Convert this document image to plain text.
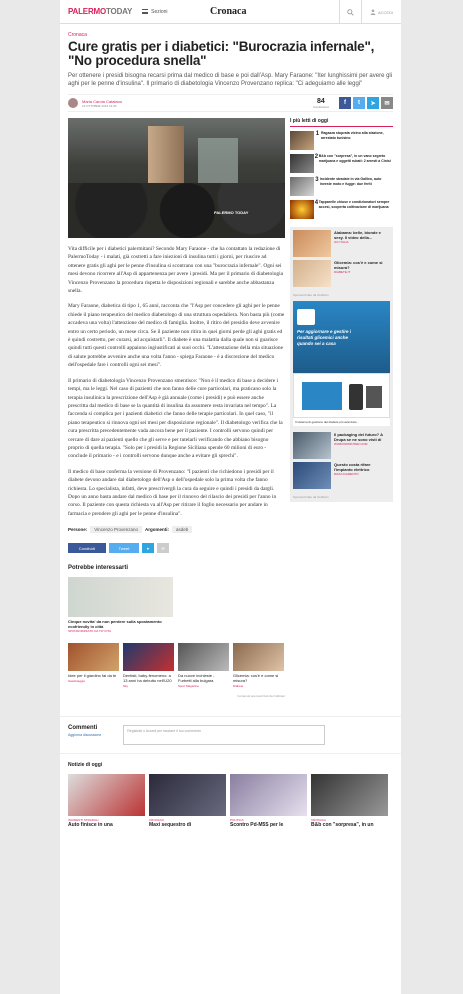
PALERMOTODAY	Sezioni	Cronaca	ACCEDI
Cronaca
Cure gratis per i diabetici: "Burocrazia infernale", "No procedura snella"
Per ottenere i presidi bisogna recarsi prima dal medico di base e poi dall'Asp. Mary Faraone: "Iter lunghissimi per avere gli aghi per le penne d'insulina". Il primario di diabetologia Vincenzo Provenzano replica: "Ci adeguiamo alle leggi"
Maria Carola Catalano
19 OTTOBRE 2016 16:30
84
Condivisioni
f t ➤ ✉
PALERMO TODAY

Vita difficile per i diabetici palermitani? Secondo Mary Faraone - che ha contattato la redazione di PalermoToday - i malati, già costretti a fare iniezioni di insulina tutti i giorni, per riuscire ad ottenere gratis gli aghi per le penne d'insulina si scontrano con una "burocrazia infernale". Ogni sei mesi devono ricorrere all'Asp di appartenenza per avere i presidi. Ma per il primario di diabetologia Vincenzo Provenzano la procedura rispetta le disposizioni regionali e sarebbe anche abbastanza snella.

Mary Faraone, diabetica di tipo 1, 65 anni, racconta che "l'Asp per concedere gli aghi per le penne chiede il piano terapeutico del medico diabetologo di una struttura ospedaliera. Non basta più (come accadeva una volta) l'attenzione del medico di famiglia. Inoltre, il ritiro del presidio deve avvenire entro un certo periodo, un mese circa. Se il paziente non ritira in quei giorni perde gli aghi gratis ed è quindi costretto, per curarsi, ad acquistarli". Il diabete è una malattia dalla quale non si guarisce quindi tutti questi controlli appaiono ingiustificati ai suoi occhi. "L'attestazione della mia situazione di salute potrebbe avvenire anche una volta l'anno - spiega Faraone - è a discrezione del medico dell'ospedale fare i controlli ogni sei mesi".

Il primario di diabetologia Vincenzo Provenzano smentisce: "Non è il medico di base a decidere i tempi, ma le leggi. Nel caso di pazienti che non fanno delle cure particolari, ma praticano solo la terapia insulinica la prescrizione dell'Asp è già annuale (come i presidi) e può essere anche prescritta dal medico di base se la quantità di insulina da assumere resta invariata nel tempo". La faccenda si complica per i pazienti diabetici che fanno delle terapie particolari. In quel caso, "il piano terapeutico si rinnova ogni sei mesi per disposizione regionale". Il diabetologo verifica che la cura prescritta precedentemente vada ancora bene per il paziente. I controlli servono quindi per cercare di dare ai pazienti quello che gli serve e per tutelarli verificando che abbiano bisogno proprio di quella terapia. "Solo per i presidi la Regione Siciliana spende 60 milioni di euro - conclude il primario - e i controlli servono dunque anche a evitare gli sprechi".

Il medico di base conferma la versione di Provenzano: "I pazienti che richiedono i presidi per il diabete devono andare dal diabetologo dell'Asp o dell'ospedale solo la prima volta che fanno richiesta. Lo specialista, infatti, deve prescrivergli la cura da seguire e quindi i presidi da dargli. Dopo un anno basta andare dal medico di base per il rinnovo del rilascio dei presidi per l'anno in corso. Il paziente con questa richiesta va all'Asp per ritirare il foglio necessario per andare in farmacia e prendere gli aghi per le penne d'insulina".

Persone:	Vincenzo Provenzano	Argomenti:	asdeb
Condividi	Tweet	➤	✉
Potrebbe interessarti
Cinque novita' da non perdere sulla spostamento ecofriendly in città
SPONSORIZZATO DA TOYOTA
Idee per il giardino fai da te
Giardinaggio
Dentisti, baby-fenomeno: a 13 anni ha debutto nell'U20
Sky
Da nuove inchieste - Furbetti alla bulgara
Sport Magazine
Glicemia: cos'è e come si misura?
Diabete
Contenuti sponsorizzati da Outbrain
I più letti di oggi
1 Ragazza stuprata vicino alla stazione, arrestato tunisino
2 B&b con "sorpresa", in un vano segreto marijuana e oggetti rubati: 2 arresti a Cinisi
3 Incidente stradale in via Galileo, auto investe moto e fugge: due feriti
4 Tapparelle chiuse e condizionatori sempre accesi, scoperta coltivazione di marijuana
Alabama: belle, bionde e sexy. Il video della...
GO ITALIA
Glicemia: cos'è e come si misura?
DIABETE.IT
Sponsorizzato da Outbrain
Per aggiornare e gestire i risultati glicemici anche quando sei a casa
Il sistema di gestione del diabete più avanzato...
Il packaging del futuro? A Drupa se ne sono visti di
WORKINPRINTER.COM
Questo costa rifare l'impianto elettrico
RIFACCIAMENTO
Sponsorizzato da Outbrain
Commenti
Aggiorna discussione
Registrati o Accedi per lasciare il tuo commento
Notizie di oggi
INCIDENTI STRADALI
Auto finisce in una
CRONACA
Maxi sequestro di
POLITICA
Scontro Pd-M5S per le
CRONACA
B&b con "sorpresa", in un
